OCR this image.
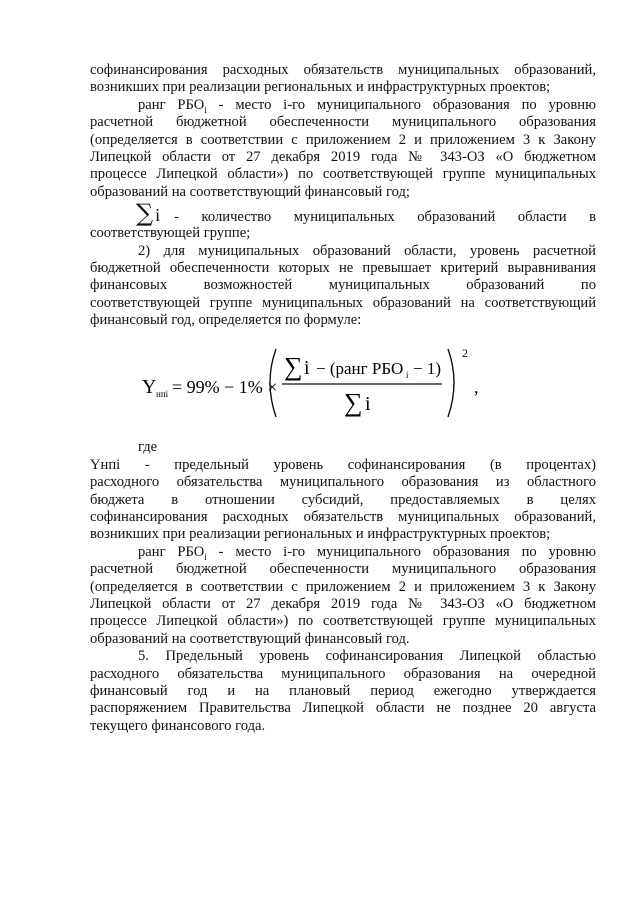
софинансирования расходных обязательств муниципальных образований,

возникших при реализации региональных и инфраструктурных проектов;

ранг $РБО_i$ - место i-го муниципального образования по уровню

расчетной бюджетной обеспеченности муниципального образования

(определяется в соответствии с приложением 2 и приложением 3 к Закону

Липецкой области от 27 декабря 2019 года № 343-ОЗ «О бюджетном

процессе Липецкой области») по соответствующей группе муниципальных

образований на соответствующий финансовый год;

∑ i - количество муниципальных образований области в

соответствующей группе;

2) для муниципальных образований области, уровень расчетной

бюджетной обеспеченности которых не превышает критерий выравнивания

финансовых возможностей муниципальных образований по

соответствующей группе муниципальных образований на соответствующий

финансовый год, определяется по формуле:

Y нпi = 99% − 1% ×
∑ i − (ранг РБО i − 1)
∑ i
2
,

где

Yнпi - предельный уровень софинансирования (в процентах)

расходного обязательства муниципального образования из областного

бюджета в отношении субсидий, предоставляемых в целях

софинансирования расходных обязательств муниципальных образований,

возникших при реализации региональных и инфраструктурных проектов;

ранг $РБО_i$ - место i-го муниципального образования по уровню

расчетной бюджетной обеспеченности муниципального образования

(определяется в соответствии с приложением 2 и приложением 3 к Закону

Липецкой области от 27 декабря 2019 года № 343-ОЗ «О бюджетном

процессе Липецкой области») по соответствующей группе муниципальных

образований на соответствующий финансовый год.

5. Предельный уровень софинансирования Липецкой областью

расходного обязательства муниципального образования на очередной

финансовый год и на плановый период ежегодно утверждается

распоряжением Правительства Липецкой области не позднее 20 августа

текущего финансового года.
